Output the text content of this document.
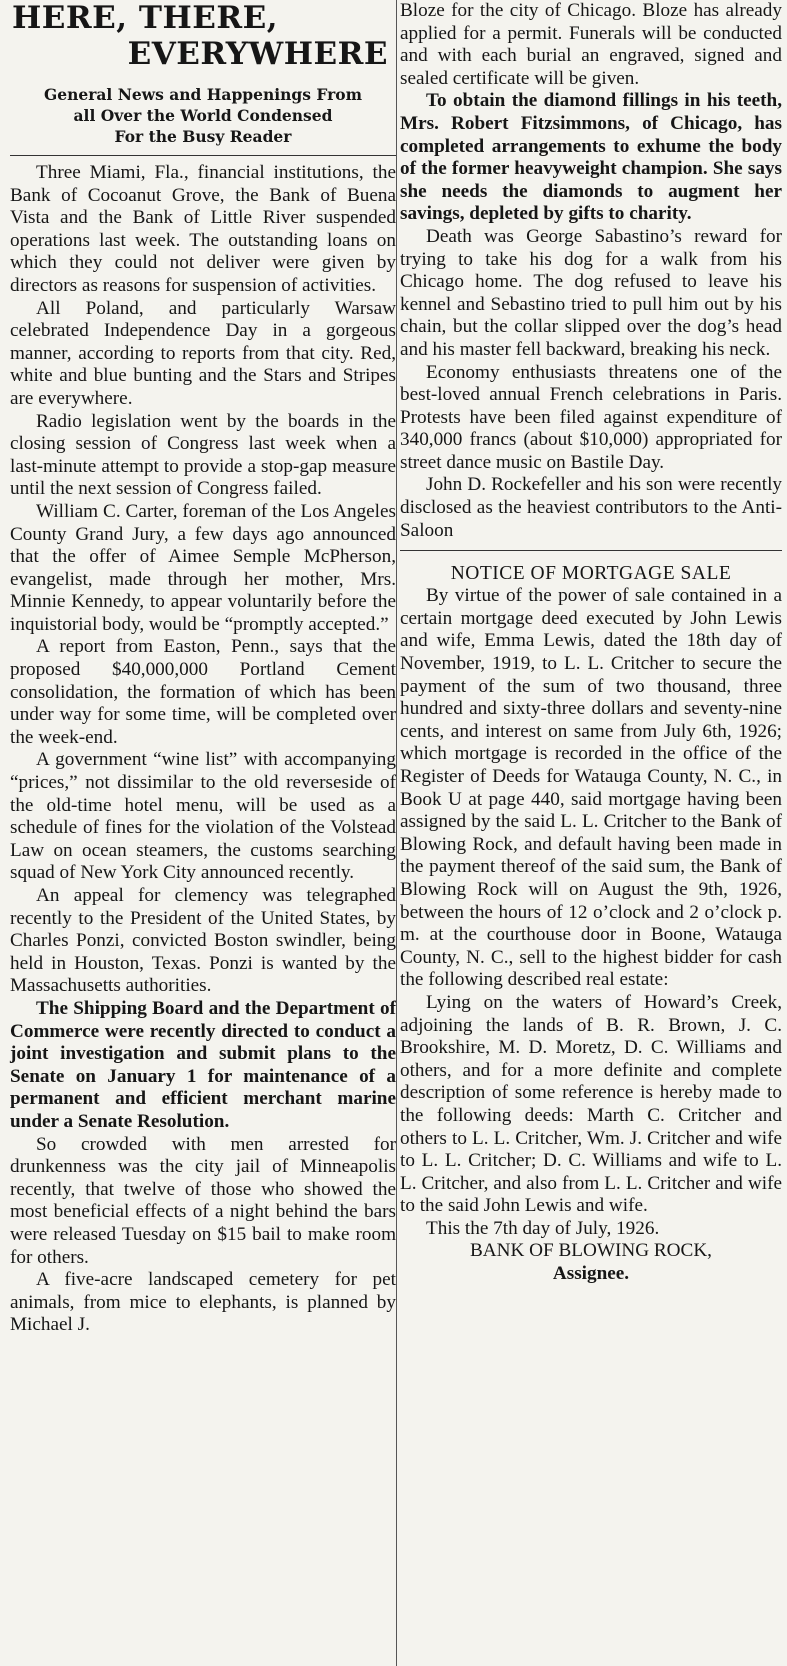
HERE, THERE,
EVERYWHERE
General News and Happenings From
all Over the World Condensed
For the Busy Reader

Three Miami, Fla., financial institutions, the Bank of Cocoanut Grove, the Bank of Buena Vista and the Bank of Little River suspended operations last week. The outstanding loans on which they could not deliver were given by directors as reasons for suspension of activities.

All Poland, and particularly Warsaw celebrated Independence Day in a gorgeous manner, according to reports from that city. Red, white and blue bunting and the Stars and Stripes are everywhere.

Radio legislation went by the boards in the closing session of Congress last week when a last-minute attempt to provide a stop-gap measure until the next session of Congress failed.

William C. Carter, foreman of the Los Angeles County Grand Jury, a few days ago announced that the offer of Aimee Semple McPherson, evangelist, made through her mother, Mrs. Minnie Kennedy, to appear voluntarily before the inquistorial body, would be “promptly accepted.”

A report from Easton, Penn., says that the proposed $40,000,000 Portland Cement consolidation, the formation of which has been under way for some time, will be completed over the week-end.

A government “wine list” with accompanying “prices,” not dissimilar to the old reverseside of the old-time hotel menu, will be used as a schedule of fines for the violation of the Volstead Law on ocean steamers, the customs searching squad of New York City announced recently.

An appeal for clemency was telegraphed recently to the President of the United States, by Charles Ponzi, convicted Boston swindler, being held in Houston, Texas. Ponzi is wanted by the Massachusetts authorities.

The Shipping Board and the Department of Commerce were recently directed to conduct a joint investigation and submit plans to the Senate on January 1 for maintenance of a permanent and efficient merchant marine under a Senate Resolution.

So crowded with men arrested for drunkenness was the city jail of Minneapolis recently, that twelve of those who showed the most beneficial effects of a night behind the bars were released Tuesday on $15 bail to make room for others.

A five-acre landscaped cemetery for pet animals, from mice to elephants, is planned by Michael J.

Bloze for the city of Chicago. Bloze has already applied for a permit. Funerals will be conducted and with each burial an engraved, signed and sealed certificate will be given.

To obtain the diamond fillings in his teeth, Mrs. Robert Fitzsimmons, of Chicago, has completed arrangements to exhume the body of the former heavyweight champion. She says she needs the diamonds to augment her savings, depleted by gifts to charity.

Death was George Sabastino’s reward for trying to take his dog for a walk from his Chicago home. The dog refused to leave his kennel and Sebastino tried to pull him out by his chain, but the collar slipped over the dog’s head and his master fell backward, breaking his neck.

Economy enthusiasts threatens one of the best-loved annual French celebrations in Paris. Protests have been filed against expenditure of 340,000 francs (about $10,000) appropriated for street dance music on Bastile Day.

John D. Rockefeller and his son were recently disclosed as the heaviest contributors to the Anti-Saloon

NOTICE OF MORTGAGE SALE

By virtue of the power of sale contained in a certain mortgage deed executed by John Lewis and wife, Emma Lewis, dated the 18th day of November, 1919, to L. L. Critcher to secure the payment of the sum of two thousand, three hundred and sixty-three dollars and seventy-nine cents, and interest on same from July 6th, 1926; which mortgage is recorded in the office of the Register of Deeds for Watauga County, N. C., in Book U at page 440, said mortgage having been assigned by the said L. L. Critcher to the Bank of Blowing Rock, and default having been made in the payment thereof of the said sum, the Bank of Blowing Rock will on August the 9th, 1926, between the hours of 12 o’clock and 2 o’clock p. m. at the courthouse door in Boone, Watauga County, N. C., sell to the highest bidder for cash the following described real estate:

Lying on the waters of Howard’s Creek, adjoining the lands of B. R. Brown, J. C. Brookshire, M. D. Moretz, D. C. Williams and others, and for a more definite and complete description of some reference is hereby made to the following deeds: Marth C. Critcher and others to L. L. Critcher, Wm. J. Critcher and wife to L. L. Critcher; D. C. Williams and wife to L. L. Critcher, and also from L. L. Critcher and wife to the said John Lewis and wife.

This the 7th day of July, 1926.

BANK OF BLOWING ROCK,

Assignee.
